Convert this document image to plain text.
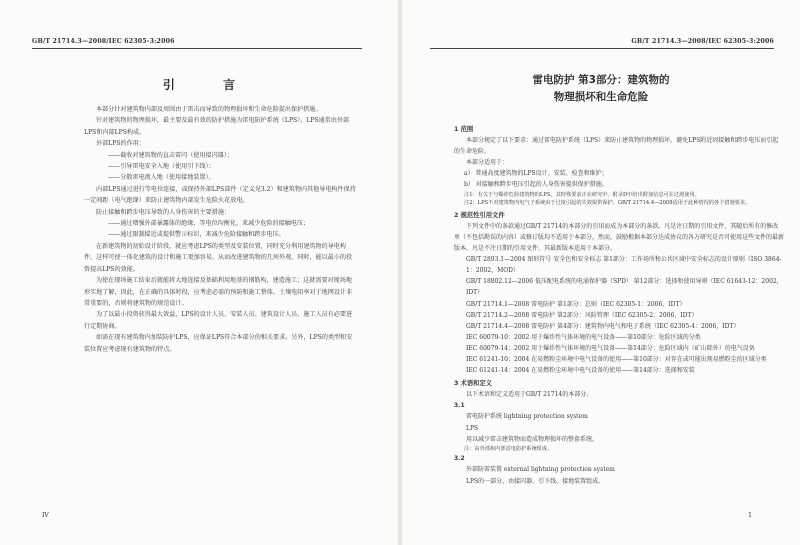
GB/T 21714.3—2008/IEC 62305-3:2006
引 言

本部分针对建筑物内部及周围由于雷击而导致的物理损坏和生命危险提出保护措施。

针对建筑物的物理损坏，最主要及最有效的防护措施为雷电防护系统（LPS）。LPS通常由外部LPS和内部LPS构成。

外部LPS的作用：

——截收对建筑物的直击雷闪（使用接闪器）；

——引导雷电安全入地（使用引下线）；

——分散雷电流入地（使用接地装置）。

内部LPS通过进行等电位连接，或保持外部LPS部件（定义见3.2）和建筑物内其他导电构件保持一定间距（电气绝缘）来防止建筑物内部发生危险火花放电。

防止接触和跨步电压导致的人身伤害的主要措施：

——通过增强外部暴露体的绝缘、等电位均衡化，来减少危险的接触电压；

——通过限制接近或提供警示标识，来减少危险接触和跨步电压。

在新建筑物的初始设计阶段，就应考虑LPS的类型及安装位置，同时充分利用建筑物的导电构件。这样可使一体化建筑的设计和施工更加容易，从而改进建筑物的几何外观，同时，能以最小的投资提高LPS的效能。

为使在现场施工结束后就能将大地连接及基础利用地基的钢筋构，建造施工；这就需要对现场地形实地了解，因此，在正确的具体时段，应考虑必需的预防和施工整体。土壤电阻率对于地网设计非常重要的，否则将建筑物的规范设计。

为了以最小投资获得最大效益，LPS的设计人员、安装人员、建筑设计人员、施工人员有必要进行定期协商。

如需在现有建筑物内加装防护LPS，应保证LPS符合本部分的相关要求。另外，LPS的类型和安装位置应考虑现有建筑物的特点。

IV
GB/T 21714.3—2008/IEC 62305-3:2006
雷电防护 第3部分：建筑物的
物理损坏和生命危险

1 范围

本部分规定了以下要求：通过雷电防护系统（LPS）来防止建筑物的物理损坏，避免LPS附近因接触和跨步电压而引起的生命危险。

本部分适用于：

a） 普通高度建筑物的LPS设计、安装、检查和维护；

b） 对接触和跨步电压引起的人身伤害提供保护措施。

注1：有关于与爆炸危险建筑物的LPS，其特殊要求正在研究中。附录D中给出附加信息可在过渡使用。

注2：LPS不对建筑物内电气子系统由于过度引起的失效提供保护。GB/T 21714.4—2008适用于此种情况的各个措施要求。

2 规范性引用文件

下列文件中的条款通过GB/T 21714的本部分的引用而成为本部分的条款。凡是注日期的引用文件，其随后所有的修改单（不包括勘误的内容）或修订版均不适用于本部分，然而，鼓励根据本部分达成协议的各方研究是否可使用这些文件的最新版本。凡是不注日期的引用文件，其最新版本适用于本部分。

GB/T 2893.1—2004 图形符号 安全色和安全标志 第1部分：工作场所和公共区域中安全标志的设计原则（ISO 3864-1：2002，MOD）

GB/T 18802.12—2006 低压配电系统的电涌保护器（SPD） 第12部分：选择和使用导则（IEC 61643-12：2002，IDT）

GB/T 21714.1—2008 雷电防护 第1部分：总则（IEC 62305-1：2006，IDT）

GB/T 21714.2—2008 雷电防护 第2部分：风险管理（IEC 62305-2：2006，IDT）

GB/T 21714.4—2008 雷电防护 第4部分：建筑物内电气和电子系统（IEC 62305-4：2006，IDT）

IEC 60079-10：2002 用于爆炸性气体环境的电气设备——第10部分：危险区域的分类

IEC 60079-14：2002 用于爆炸性气体环境的电气设备——第14部分：危险区域内（矿山除外）的电气设备

IEC 61241-10：2004 在易燃粉尘环境中电气设备的使用——第10部分：对存在或可能出现易燃粉尘的区域分类

IEC 61241-14：2004 在易燃粉尘环境中电气设备的使用——第14部分：选择和安装

3 术语和定义

以下术语和定义适用于GB/T 21714的本部分。

3.1

雷电防护系统 lightning protection system

LPS

用以减少雷击建筑物而造成物理损坏的整套系统。

注：由外部和内部雷电防护系统组成。

3.2

外部防雷装置 external lightning protection system

LPS的一部分，由接闪器、引下线、接地装置组成。

1
